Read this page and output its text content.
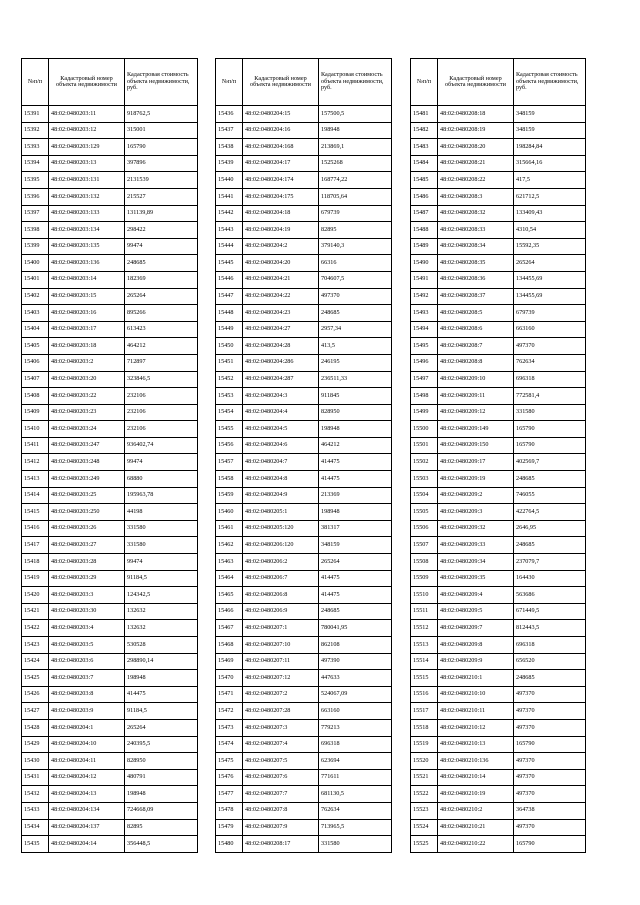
№п/п	Кадастровый номер объекта недвижимости	Кадастровая стоимость объекта недвижимости, руб.
15391	48:02:0480203:11	918762,5
15392	48:02:0480203:12	315001
15393	48:02:0480203:129	165790
15394	48:02:0480203:13	397896
15395	48:02:0480203:131	2131539
15396	48:02:0480203:132	215527
15397	48:02:0480203:133	131139,89
15398	48:02:0480203:134	298422
15399	48:02:0480203:135	99474
15400	48:02:0480203:136	248685
15401	48:02:0480203:14	182369
15402	48:02:0480203:15	265264
15403	48:02:0480203:16	895266
15404	48:02:0480203:17	613423
15405	48:02:0480203:18	464212
15406	48:02:0480203:2	712897
15407	48:02:0480203:20	323846,5
15408	48:02:0480203:22	232106
15409	48:02:0480203:23	232106
15410	48:02:0480203:24	232106
15411	48:02:0480203:247	936402,74
15412	48:02:0480203:248	99474
15413	48:02:0480203:249	68880
15414	48:02:0480203:25	195963,78
15415	48:02:0480203:250	44198
15416	48:02:0480203:26	331580
15417	48:02:0480203:27	331580
15418	48:02:0480203:28	99474
15419	48:02:0480203:29	91184,5
15420	48:02:0480203:3	124342,5
15421	48:02:0480203:30	132632
15422	48:02:0480203:4	132632
15423	48:02:0480203:5	530528
15424	48:02:0480203:6	298890,14
15425	48:02:0480203:7	198948
15426	48:02:0480203:8	414475
15427	48:02:0480203:9	91184,5
15428	48:02:0480204:1	265264
15429	48:02:0480204:10	240395,5
15430	48:02:0480204:11	828950
15431	48:02:0480204:12	480791
15432	48:02:0480204:13	198948
15433	48:02:0480204:134	724668,09
15434	48:02:0480204:137	82895
15435	48:02:0480204:14	356448,5
№п/п	Кадастровый номер объекта недвижимости	Кадастровая стоимость объекта недвижимости, руб.
15436	48:02:0480204:15	157500,5
15437	48:02:0480204:16	198948
15438	48:02:0480204:168	213869,1
15439	48:02:0480204:17	1525268
15440	48:02:0480204:174	168774,22
15441	48:02:0480204:175	118705,64
15442	48:02:0480204:18	679739
15443	48:02:0480204:19	82895
15444	48:02:0480204:2	379140,3
15445	48:02:0480204:20	66316
15446	48:02:0480204:21	704607,5
15447	48:02:0480204:22	497370
15448	48:02:0480204:23	248685
15449	48:02:0480204:27	2957,34
15450	48:02:0480204:28	413,5
15451	48:02:0480204:286	246195
15452	48:02:0480204:287	236511,33
15453	48:02:0480204:3	911845
15454	48:02:0480204:4	828950
15455	48:02:0480204:5	198948
15456	48:02:0480204:6	464212
15457	48:02:0480204:7	414475
15458	48:02:0480204:8	414475
15459	48:02:0480204:9	213369
15460	48:02:0480205:1	198948
15461	48:02:0480205:120	381317
15462	48:02:0480206:120	348159
15463	48:02:0480206:2	265264
15464	48:02:0480206:7	414475
15465	48:02:0480206:8	414475
15466	48:02:0480206:9	248685
15467	48:02:0480207:1	780041,95
15468	48:02:0480207:10	862108
15469	48:02:0480207:11	497390
15470	48:02:0480207:12	447633
15471	48:02:0480207:2	524067,09
15472	48:02:0480207:28	663160
15473	48:02:0480207:3	779213
15474	48:02:0480207:4	696318
15475	48:02:0480207:5	623694
15476	48:02:0480207:6	771611
15477	48:02:0480207:7	681130,5
15478	48:02:0480207:8	762634
15479	48:02:0480207:9	713965,5
15480	48:02:0480208:17	331580
№п/п	Кадастровый номер объекта недвижимости	Кадастровая стоимость объекта недвижимости, руб.
15481	48:02:0480208:18	348159
15482	48:02:0480208:19	348159
15483	48:02:0480208:20	198284,84
15484	48:02:0480208:21	315664,16
15485	48:02:0480208:22	417,5
15486	48:02:0480208:3	621712,5
15487	48:02:0480208:32	133409,43
15488	48:02:0480208:33	4310,54
15489	48:02:0480208:34	15592,35
15490	48:02:0480208:35	265264
15491	48:02:0480208:36	134455,69
15492	48:02:0480208:37	134455,69
15493	48:02:0480208:5	679739
15494	48:02:0480208:6	663160
15495	48:02:0480208:7	497370
15496	48:02:0480208:8	762634
15497	48:02:0480209:10	696318
15498	48:02:0480209:11	772581,4
15499	48:02:0480209:12	331580
15500	48:02:0480209:149	165790
15501	48:02:0480209:150	165790
15502	48:02:0480209:17	402569,7
15503	48:02:0480209:19	248685
15504	48:02:0480209:2	746055
15505	48:02:0480209:3	422764,5
15506	48:02:0480209:32	2646,95
15507	48:02:0480209:33	248685
15508	48:02:0480209:34	237079,7
15509	48:02:0480209:35	164430
15510	48:02:0480209:4	563686
15511	48:02:0480209:5	671449,5
15512	48:02:0480209:7	812443,5
15513	48:02:0480209:8	696318
15514	48:02:0480209:9	656520
15515	48:02:0480210:1	248685
15516	48:02:0480210:10	497370
15517	48:02:0480210:11	497370
15518	48:02:0480210:12	497370
15519	48:02:0480210:13	165790
15520	48:02:0480210:136	497370
15521	48:02:0480210:14	497370
15522	48:02:0480210:19	497370
15523	48:02:0480210:2	364738
15524	48:02:0480210:21	497370
15525	48:02:0480210:22	165790
